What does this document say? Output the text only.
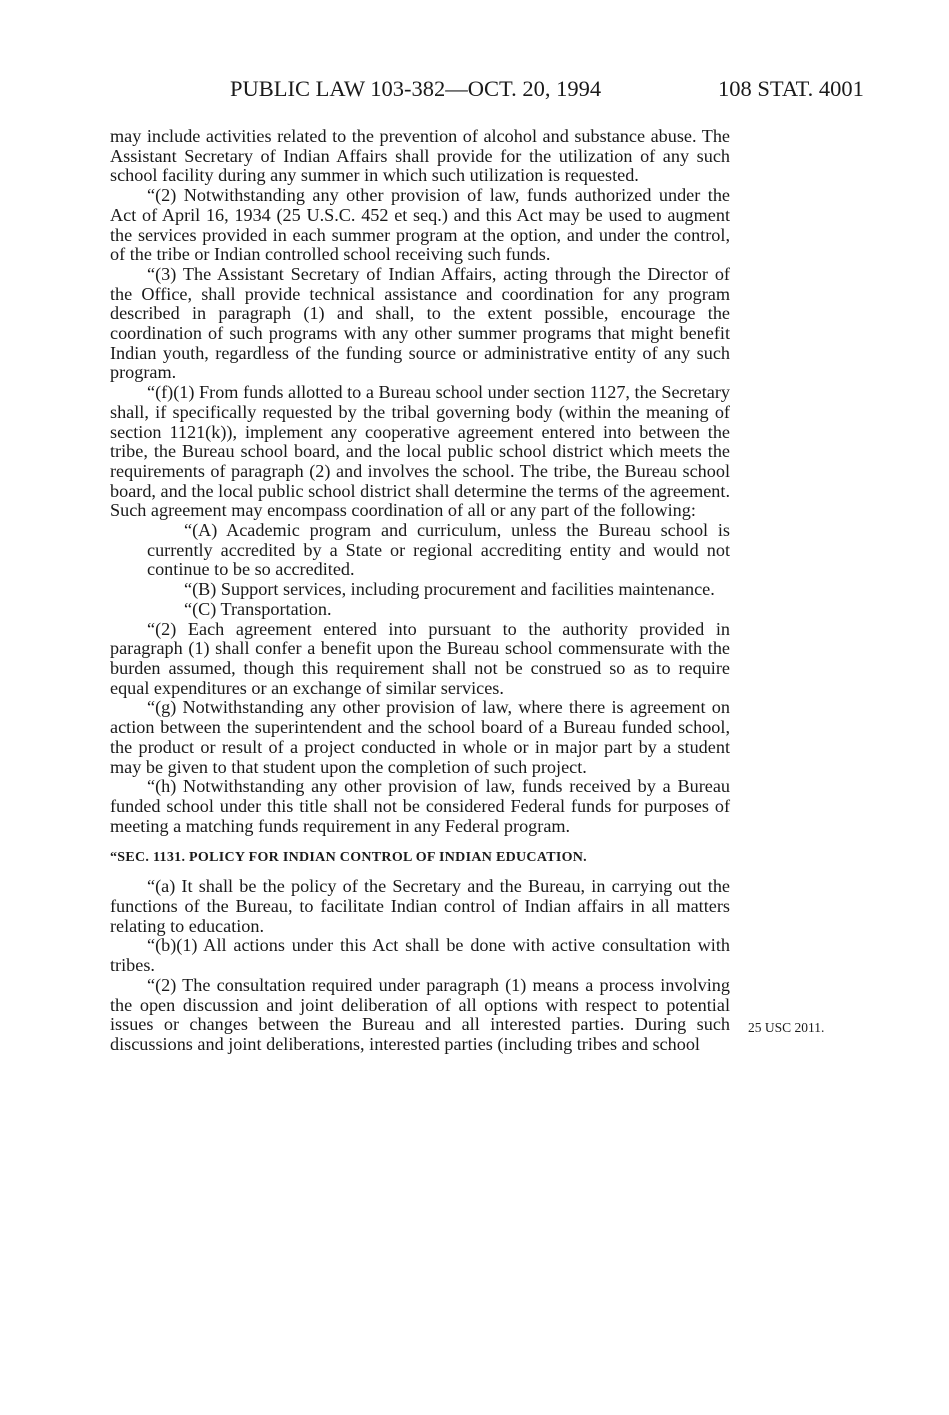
PUBLIC LAW 103-382—OCT. 20, 1994	108 STAT. 4001

may include activities related to the prevention of alcohol and substance abuse. The Assistant Secretary of Indian Affairs shall provide for the utilization of any such school facility during any summer in which such utilization is requested.

“(2) Notwithstanding any other provision of law, funds authorized under the Act of April 16, 1934 (25 U.S.C. 452 et seq.) and this Act may be used to augment the services provided in each summer program at the option, and under the control, of the tribe or Indian controlled school receiving such funds.

“(3) The Assistant Secretary of Indian Affairs, acting through the Director of the Office, shall provide technical assistance and coordination for any program described in paragraph (1) and shall, to the extent possible, encourage the coordination of such programs with any other summer programs that might benefit Indian youth, regardless of the funding source or administrative entity of any such program.

“(f)(1) From funds allotted to a Bureau school under section 1127, the Secretary shall, if specifically requested by the tribal governing body (within the meaning of section 1121(k)), implement any cooperative agreement entered into between the tribe, the Bureau school board, and the local public school district which meets the requirements of paragraph (2) and involves the school. The tribe, the Bureau school board, and the local public school district shall determine the terms of the agreement. Such agreement may encompass coordination of all or any part of the following:

“(A) Academic program and curriculum, unless the Bureau school is currently accredited by a State or regional accrediting entity and would not continue to be so accredited.

“(B) Support services, including procurement and facilities maintenance.

“(C) Transportation.

“(2) Each agreement entered into pursuant to the authority provided in paragraph (1) shall confer a benefit upon the Bureau school commensurate with the burden assumed, though this requirement shall not be construed so as to require equal expenditures or an exchange of similar services.

“(g) Notwithstanding any other provision of law, where there is agreement on action between the superintendent and the school board of a Bureau funded school, the product or result of a project conducted in whole or in major part by a student may be given to that student upon the completion of such project.

“(h) Notwithstanding any other provision of law, funds received by a Bureau funded school under this title shall not be considered Federal funds for purposes of meeting a matching funds requirement in any Federal program.

“SEC. 1131. POLICY FOR INDIAN CONTROL OF INDIAN EDUCATION.

“(a) It shall be the policy of the Secretary and the Bureau, in carrying out the functions of the Bureau, to facilitate Indian control of Indian affairs in all matters relating to education.

“(b)(1) All actions under this Act shall be done with active consultation with tribes.

“(2) The consultation required under paragraph (1) means a process involving the open discussion and joint deliberation of all options with respect to potential issues or changes between the Bureau and all interested parties. During such discussions and joint deliberations, interested parties (including tribes and school

25 USC 2011.
